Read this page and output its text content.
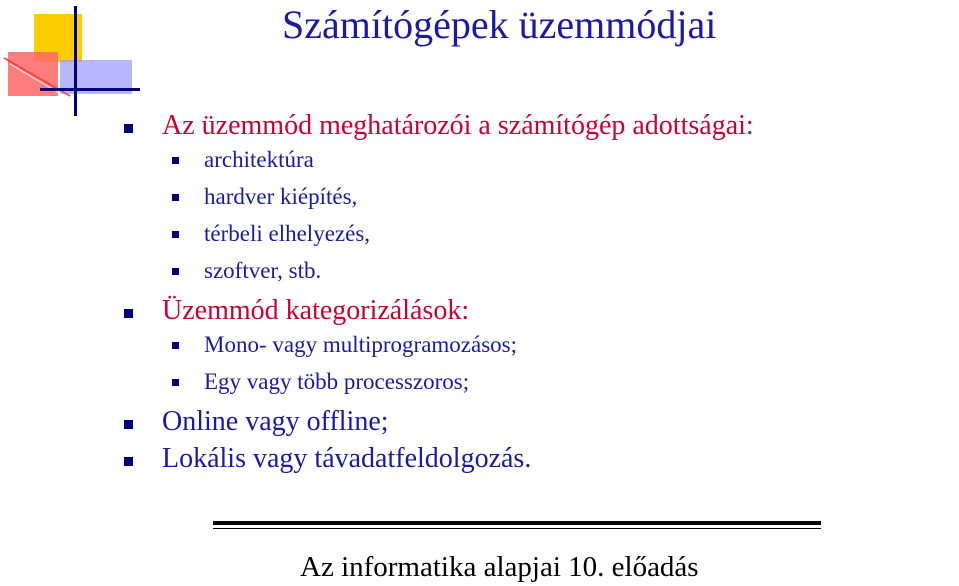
Számítógépek üzemmódjai
Az üzemmód meghatározói a számítógép adottságai:
architektúra
hardver kiépítés,
térbeli elhelyezés,
szoftver, stb.
Üzemmód kategorizálások:
Mono- vagy multiprogramozásos;
Egy vagy több processzoros;
Online vagy offline;
Lokális vagy távadatfeldolgozás.
Az informatika alapjai 10. előadás
